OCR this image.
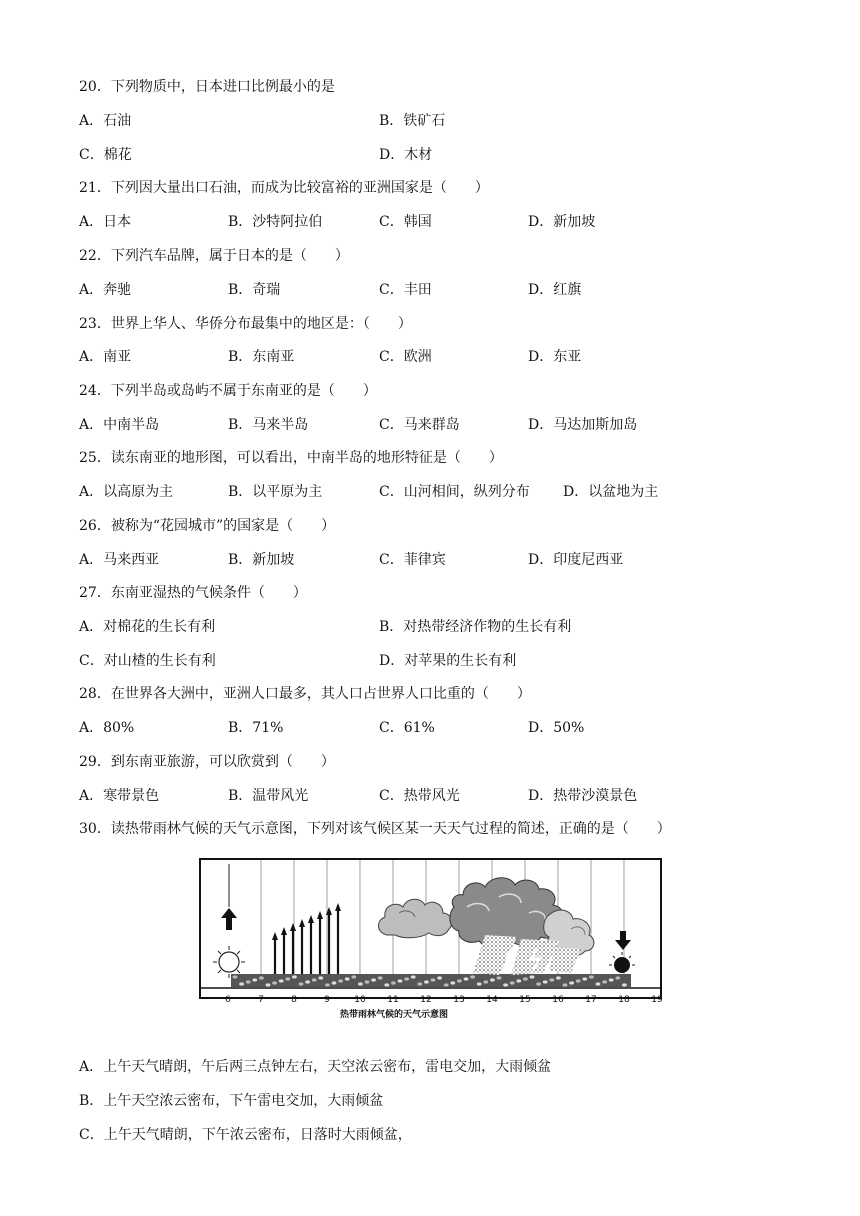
20．下列物质中，日本进口比例最小的是
A．石油	B．铁矿石
C．棉花	D．木材
21．下列因大量出口石油，而成为比较富裕的亚洲国家是（　　）
A．日本	B．沙特阿拉伯	C．韩国	D．新加坡
22．下列汽车品牌，属于日本的是（　　）
A．奔驰	B．奇瑞	C．丰田	D．红旗
23．世界上华人、华侨分布最集中的地区是：（　　）
A．南亚	B．东南亚	C．欧洲	D．东亚
24．下列半岛或岛屿不属于东南亚的是（　　）
A．中南半岛	B．马来半岛	C．马来群岛	D．马达加斯加岛
25．读东南亚的地形图，可以看出，中南半岛的地形特征是（　　）
A．以高原为主	B．以平原为主	C．山河相间，纵列分布 D．以盆地为主
26．被称为“花园城市”的国家是（　　）
A．马来西亚	B．新加坡	C．菲律宾	D．印度尼西亚
27．东南亚湿热的气候条件（　　）
A．对棉花的生长有利	B．对热带经济作物的生长有利
C．对山楂的生长有利	D．对苹果的生长有利
28．在世界各大洲中，亚洲人口最多，其人口占世界人口比重的（　　）
A．80%	B．71%	C．61%	D．50%
29．到东南亚旅游，可以欣赏到（　　）
A．寒带景色	B．温带风光	C．热带风光	D．热带沙漠景色
30．读热带雨林气候的天气示意图，下列对该气候区某一天天气过程的简述，正确的是（　　）
6	7	8	9	10 11 12 13 14 15 16 17 18 19
热带雨林气候的天气示意图
A．上午天气晴朗，午后两三点钟左右，天空浓云密布，雷电交加，大雨倾盆
B．上午天空浓云密布，下午雷电交加，大雨倾盆
C．上午天气晴朗，下午浓云密布，日落时大雨倾盆，
